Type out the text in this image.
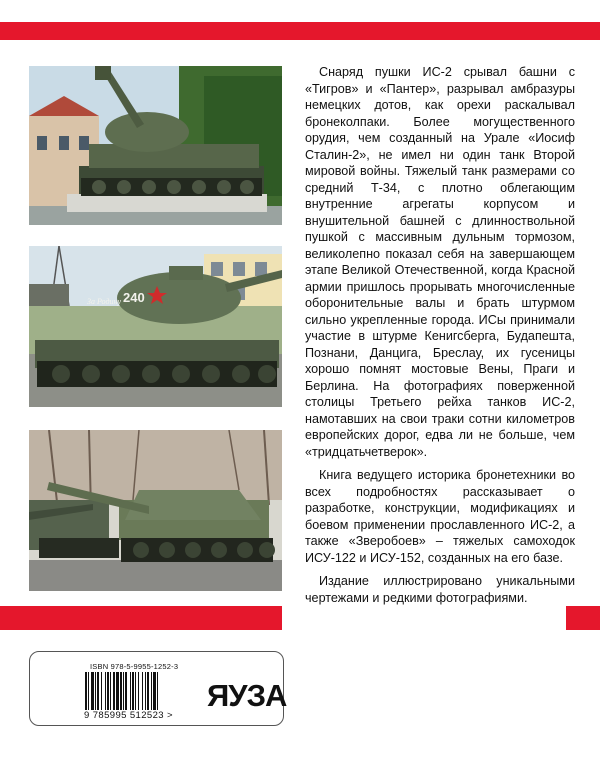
240
За Родину

Снаряд пушки ИС-2 срывал башни с «Тигров» и «Пантер», разрывал амбразуры немецких дотов, как орехи раскалывал бронеколпаки. Более могущественного орудия, чем созданный на Урале «Иосиф Сталин-2», не имел ни один танк Второй мировой войны. Тяжелый танк размерами со средний Т-34, с плотно облегающим внутренние агрегаты корпусом и внушительной башней с длинноствольной пушкой с массивным дульным тормозом, великолепно показал себя на завершающем этапе Великой Отечественной, когда Красной армии пришлось прорывать многочисленные оборонительные валы и брать штурмом сильно укрепленные города. ИСы принимали участие в штурме Кенигсберга, Будапешта, Познани, Данцига, Бреслау, их гусеницы хорошо помнят мостовые Вены, Праги и Берлина. На фотографиях поверженной столицы Третьего рейха танков ИС-2, намотавших на свои траки сотни километров европейских дорог, едва ли не больше, чем «тридцатьчетверок».

Книга ведущего историка бронетехники во всех подробностях рассказывает о разработке, конструкции, модификациях и боевом применении прославленного ИС-2, а также «Зверобоев» – тяжелых самоходок ИСУ-122 и ИСУ-152, созданных на его базе.

Издание иллюстрировано уникальными чертежами и редкими фотографиями.

ISBN 978-5-9955-1252-3
9 785995 512523 >
ЯУЗА
